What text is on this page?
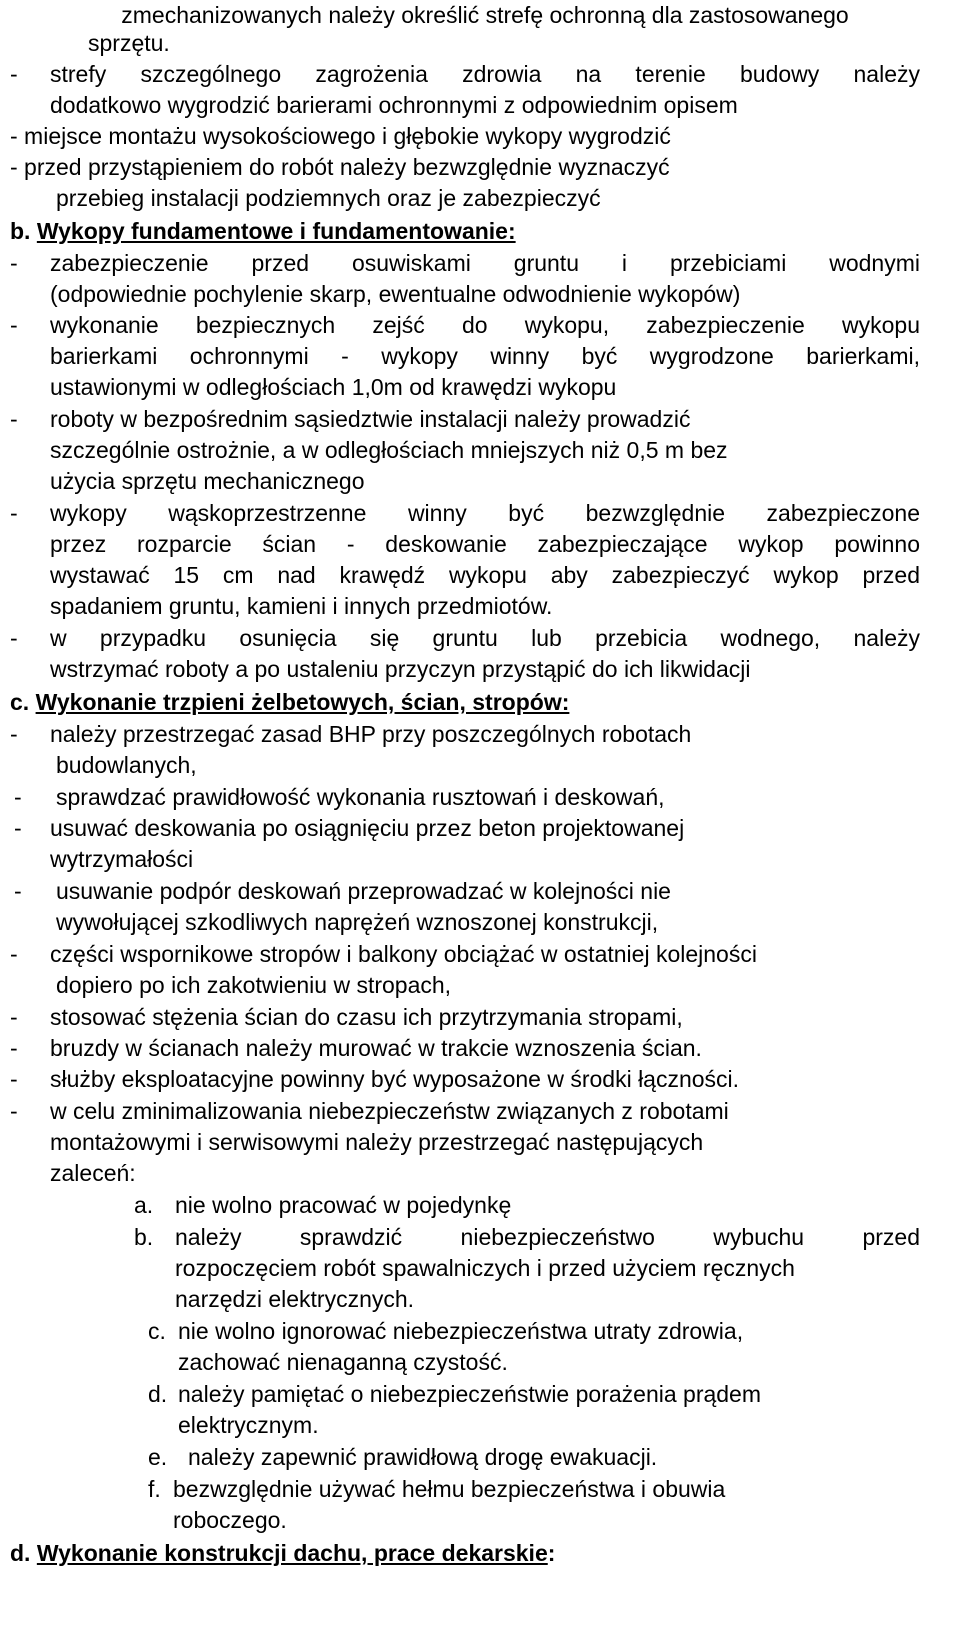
zmechanizowanych należy określić strefę ochronną dla zastosowanego
sprzętu.
- strefy szczególnego zagrożenia zdrowia na terenie budowy należy
dodatkowo wygrodzić barierami ochronnymi z odpowiednim opisem
- miejsce montażu wysokościowego i głębokie wykopy wygrodzić
- przed przystąpieniem do robót należy bezwzględnie wyznaczyć
przebieg instalacji podziemnych oraz je zabezpieczyć
b. Wykopy fundamentowe i fundamentowanie:
- zabezpieczenie przed osuwiskami gruntu i przebiciami wodnymi
(odpowiednie pochylenie skarp, ewentualne odwodnienie wykopów)
- wykonanie bezpiecznych zejść do wykopu, zabezpieczenie wykopu
barierkami ochronnymi - wykopy winny być wygrodzone barierkami,
ustawionymi w odległościach 1,0m od krawędzi wykopu
- roboty w bezpośrednim sąsiedztwie instalacji należy prowadzić
szczególnie ostrożnie, a w odległościach mniejszych niż 0,5 m bez
użycia sprzętu mechanicznego
- wykopy wąskoprzestrzenne winny być bezwzględnie zabezpieczone
przez rozparcie ścian - deskowanie zabezpieczające wykop powinno
wystawać 15 cm nad krawędź wykopu aby zabezpieczyć wykop przed
spadaniem gruntu, kamieni i innych przedmiotów.
- w przypadku osunięcia się gruntu lub przebicia wodnego, należy
wstrzymać roboty a po ustaleniu przyczyn przystąpić do ich likwidacji
c. Wykonanie trzpieni żelbetowych, ścian, stropów:
- należy przestrzegać zasad BHP przy poszczególnych robotach
budowlanych,
- sprawdzać prawidłowość wykonania rusztowań i deskowań,
- usuwać deskowania po osiągnięciu przez beton projektowanej
wytrzymałości
- usuwanie podpór deskowań przeprowadzać w kolejności nie
wywołującej szkodliwych naprężeń wznoszonej konstrukcji,
- części wspornikowe stropów i balkony obciążać w ostatniej kolejności
dopiero po ich zakotwieniu w stropach,
- stosować stężenia ścian do czasu ich przytrzymania stropami,
- bruzdy w ścianach należy murować w trakcie wznoszenia ścian.
- służby eksploatacyjne powinny być wyposażone w środki łączności.
- w celu zminimalizowania niebezpieczeństw związanych z robotami
montażowymi i serwisowymi należy przestrzegać następujących
zaleceń:
a. nie wolno pracować w pojedynkę
b. należy sprawdzić niebezpieczeństwo wybuchu przed
rozpoczęciem robót spawalniczych i przed użyciem ręcznych
narzędzi elektrycznych.
c. nie wolno ignorować niebezpieczeństwa utraty zdrowia,
zachować nienaganną czystość.
d. należy pamiętać o niebezpieczeństwie porażenia prądem
elektrycznym.
e. należy zapewnić prawidłową drogę ewakuacji.
f. bezwzględnie używać hełmu bezpieczeństwa i obuwia
roboczego.
d. Wykonanie konstrukcji dachu, prace dekarskie:
